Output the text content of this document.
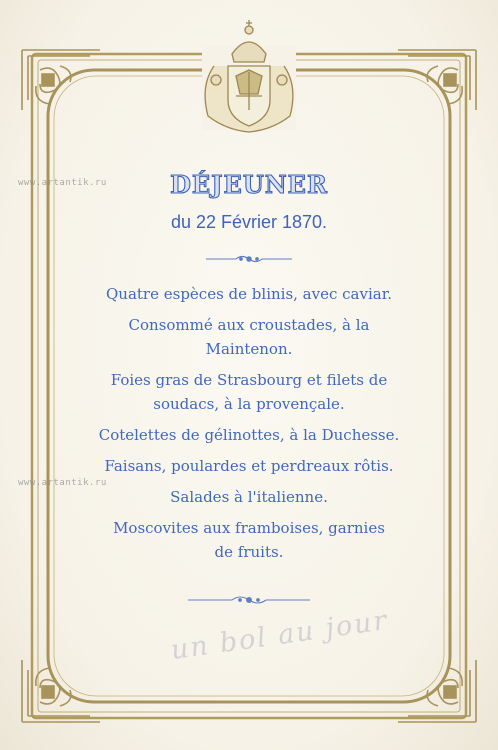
www.artantik.ru
www.artantik.ru
DÉJEUNER
du 22 Février 1870.
Quatre espèces de blinis, avec caviar.
Consommé aux croustades, à la Maintenon.
Foies gras de Strasbourg et filets de soudacs, à la provençale.
Cotelettes de gélinottes, à la Duchesse.
Faisans, poulardes et perdreaux rôtis.
Salades à l'italienne.
Moscovites aux framboises, garnies de fruits.
un bol au jour
